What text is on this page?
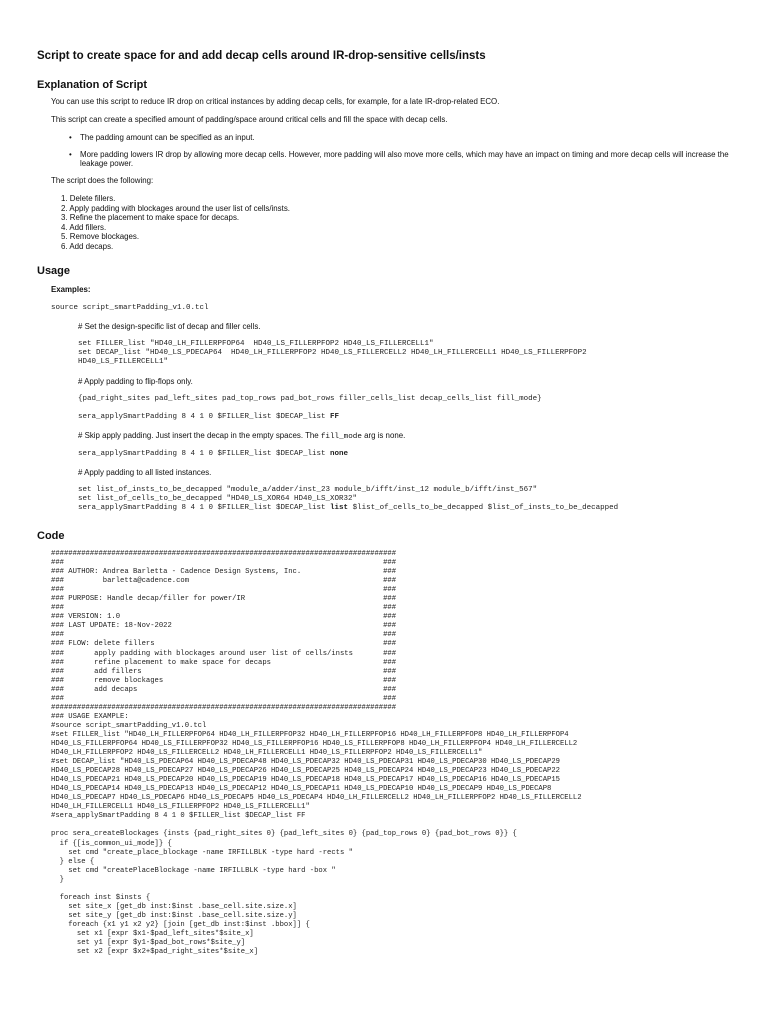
Script to create space for and add decap cells around IR-drop-sensitive cells/insts
Explanation of Script

You can use this script to reduce IR drop on critical instances by adding decap cells, for example, for a late IR-drop-related ECO.

This script can create a specified amount of padding/space around critical cells and fill the space with decap cells.

• The padding amount can be specified as an input.
• More padding lowers IR drop by allowing more decap cells. However, more padding will also move more cells, which may have an impact on timing and more decap cells will increase the leakage power.

The script does the following:

1. Delete fillers.
2. Apply padding with blockages around the user list of cells/insts.
3. Refine the placement to make space for decaps.
4. Add fillers.
5. Remove blockages.
6. Add decaps.
Usage

Examples:

source script_smartPadding_v1.0.tcl
# Set the design-specific list of decap and filler cells.
set FILLER_list "HD40_LH_FILLERPFOP64  HD40_LS_FILLERPFOP2 HD40_LS_FILLERCELL1"
set DECAP_list "HD40_LS_PDECAP64  HD40_LH_FILLERPFOP2 HD40_LS_FILLERCELL2 HD40_LH_FILLERCELL1 HD40_LS_FILLERPFOP2
HD40_LS_FILLERCELL1"
# Apply padding to flip-flops only.
{pad_right_sites pad_left_sites pad_top_rows pad_bot_rows filler_cells_list decap_cells_list fill_mode}
sera_applySmartPadding 8 4 1 0 $FILLER_list $DECAP_list FF
# Skip apply padding. Just insert the decap in the empty spaces. The fill_mode arg is none.
sera_applySmartPadding 8 4 1 0 $FILLER_list $DECAP_list none
# Apply padding to all listed instances.
set list_of_insts_to_be_decapped "module_a/adder/inst_23 module_b/ifft/inst_12 module_b/ifft/inst_567"
set list_of_cells_to_be_decapped "HD40_LS_XOR64 HD40_LS_XOR32"
sera_applySmartPadding 8 4 1 0 $FILLER_list $DECAP_list list $list_of_cells_to_be_decapped $list_of_insts_to_be_decapped
Code
################################################################################
###                                                                          ###
### AUTHOR: Andrea Barletta - Cadence Design Systems, Inc.                   ###
###         barletta@cadence.com                                             ###
###                                                                          ###
### PURPOSE: Handle decap/filler for power/IR                                ###
###                                                                          ###
### VERSION: 1.0                                                             ###
### LAST UPDATE: 18-Nov-2022                                                 ###
###                                                                          ###
### FLOW: delete fillers                                                     ###
###       apply padding with blockages around user list of cells/insts       ###
###       refine placement to make space for decaps                          ###
###       add fillers                                                        ###
###       remove blockages                                                   ###
###       add decaps                                                         ###
###                                                                          ###
################################################################################
### USAGE EXAMPLE:
#source script_smartPadding_v1.0.tcl
#set FILLER_list "HD40_LH_FILLERPFOP64 HD40_LH_FILLERPFOP32 HD40_LH_FILLERPFOP16 HD40_LH_FILLERPFOP8 HD40_LH_FILLERPFOP4
HD40_LS_FILLERPFOP64 HD40_LS_FILLERPFOP32 HD40_LS_FILLERPFOP16 HD40_LS_FILLERPFOP8 HD40_LH_FILLERPFOP4 HD40_LH_FILLERCELL2
HD40_LH_FILLERPFOP2 HD40_LS_FILLERCELL2 HD40_LH_FILLERCELL1 HD40_LS_FILLERPFOP2 HD40_LS_FILLERCELL1"
#set DECAP_list "HD40_LS_PDECAP64 HD40_LS_PDECAP48 HD40_LS_PDECAP32 HD40_LS_PDECAP31 HD40_LS_PDECAP30 HD40_LS_PDECAP29
HD40_LS_PDECAP28 HD40_LS_PDECAP27 HD40_LS_PDECAP26 HD40_LS_PDECAP25 HD40_LS_PDECAP24 HD40_LS_PDECAP23 HD40_LS_PDECAP22
HD40_LS_PDECAP21 HD40_LS_PDECAP20 HD40_LS_PDECAP19 HD40_LS_PDECAP18 HD40_LS_PDECAP17 HD40_LS_PDECAP16 HD40_LS_PDECAP15
HD40_LS_PDECAP14 HD40_LS_PDECAP13 HD40_LS_PDECAP12 HD40_LS_PDECAP11 HD40_LS_PDECAP10 HD40_LS_PDECAP9 HD40_LS_PDECAP8
HD40_LS_PDECAP7 HD40_LS_PDECAP6 HD40_LS_PDECAP5 HD40_LS_PDECAP4 HD40_LH_FILLERCELL2 HD40_LH_FILLERPFOP2 HD40_LS_FILLERCELL2
HD40_LH_FILLERCELL1 HD40_LS_FILLERPFOP2 HD40_LS_FILLERCELL1"
#sera_applySmartPadding 8 4 1 0 $FILLER_list $DECAP_list FF

proc sera_createBlockages {insts {pad_right_sites 0} {pad_left_sites 0} {pad_top_rows 0} {pad_bot_rows 0}} {
if {[is_common_ui_mode]} {
set cmd "create_place_blockage -name IRFILLBLK -type hard -rects "
} else {
set cmd "createPlaceBlockage -name IRFILLBLK -type hard -box "
}

foreach inst $insts {
set site_x [get_db inst:$inst .base_cell.site.size.x]
set site_y [get_db inst:$inst .base_cell.site.size.y]
foreach {x1 y1 x2 y2} [join [get_db inst:$inst .bbox]] {
set x1 [expr $x1-$pad_left_sites*$site_x]
set y1 [expr $y1-$pad_bot_rows*$site_y]
set x2 [expr $x2+$pad_right_sites*$site_x]
